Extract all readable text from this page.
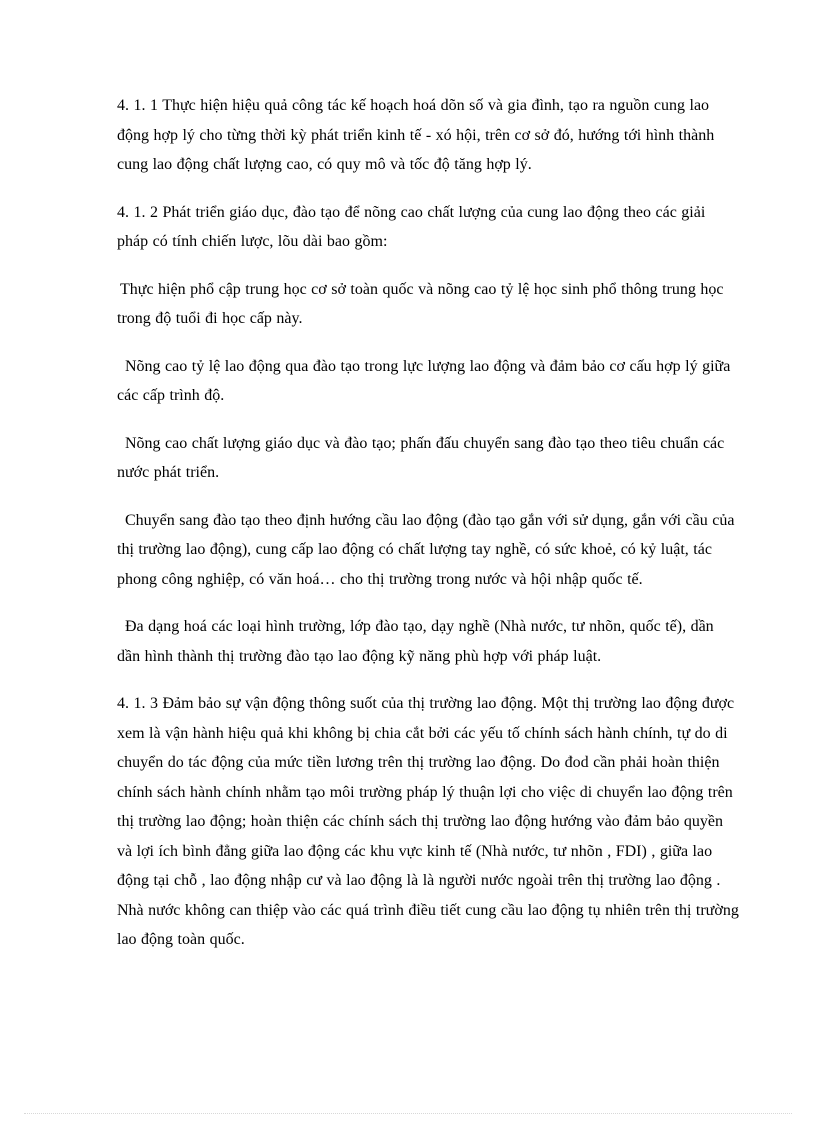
4. 1. 1 Thực hiện hiệu quả công tác kế hoạch hoá dõn số và gia đình, tạo ra nguồn cung lao động hợp lý cho từng thời kỳ phát triển kinh tế - xó hội, trên cơ sở đó, hướng tới hình thành cung lao động chất lượng cao, có quy mô và tốc độ tăng hợp lý.

4. 1. 2 Phát triển giáo dục, đào tạo để nõng cao chất lượng của cung lao động theo các giải pháp có tính chiến lược, lõu dài bao gồm:

Thực hiện phổ cập trung học cơ sở toàn quốc và nõng cao tỷ lệ học sinh phổ thông trung học trong độ tuổi đi học cấp này.

Nõng cao tỷ lệ lao động qua đào tạo trong lực lượng lao động và đảm bảo cơ cấu hợp lý giữa các cấp trình độ.

Nõng cao chất lượng giáo dục và đào tạo; phấn đấu chuyển sang đào tạo theo tiêu chuẩn các nước phát triển.

Chuyển sang đào tạo theo định hướng cầu lao động (đào tạo gắn với sử dụng, gắn với cầu của thị trường lao động), cung cấp lao động có chất lượng tay nghề, có sức khoẻ, có kỷ luật, tác phong công nghiệp, có văn hoá… cho thị trường trong nước và hội nhập quốc tế.

Đa dạng hoá các loại hình trường, lớp đào tạo, dạy nghề (Nhà nước, tư nhõn, quốc tế), dần dần hình thành thị trường đào tạo lao động kỹ năng phù hợp với pháp luật.

4. 1. 3 Đảm bảo sự vận động thông suốt của thị trường lao động. Một thị trường lao động được xem là vận hành hiệu quả khi không bị chia cắt bởi các yếu tố chính sách hành chính, tự do di chuyển do tác động của mức tiền lương trên thị trường lao động. Do đod cần phải hoàn thiện chính sách hành chính nhằm tạo môi trường pháp lý thuận lợi cho việc di chuyển lao động trên thị trường lao động; hoàn thiện các chính sách thị trường lao động hướng vào đảm bảo quyền và lợi ích bình đẳng giữa lao động các khu vực kinh tế (Nhà nước, tư nhõn , FDI) , giữa lao động tại chỗ , lao động nhập cư và lao động là là người nước ngoài trên thị trường lao động . Nhà nước không can thiệp vào các quá trình điều tiết cung cầu lao động tụ nhiên trên thị trường lao động toàn quốc.
